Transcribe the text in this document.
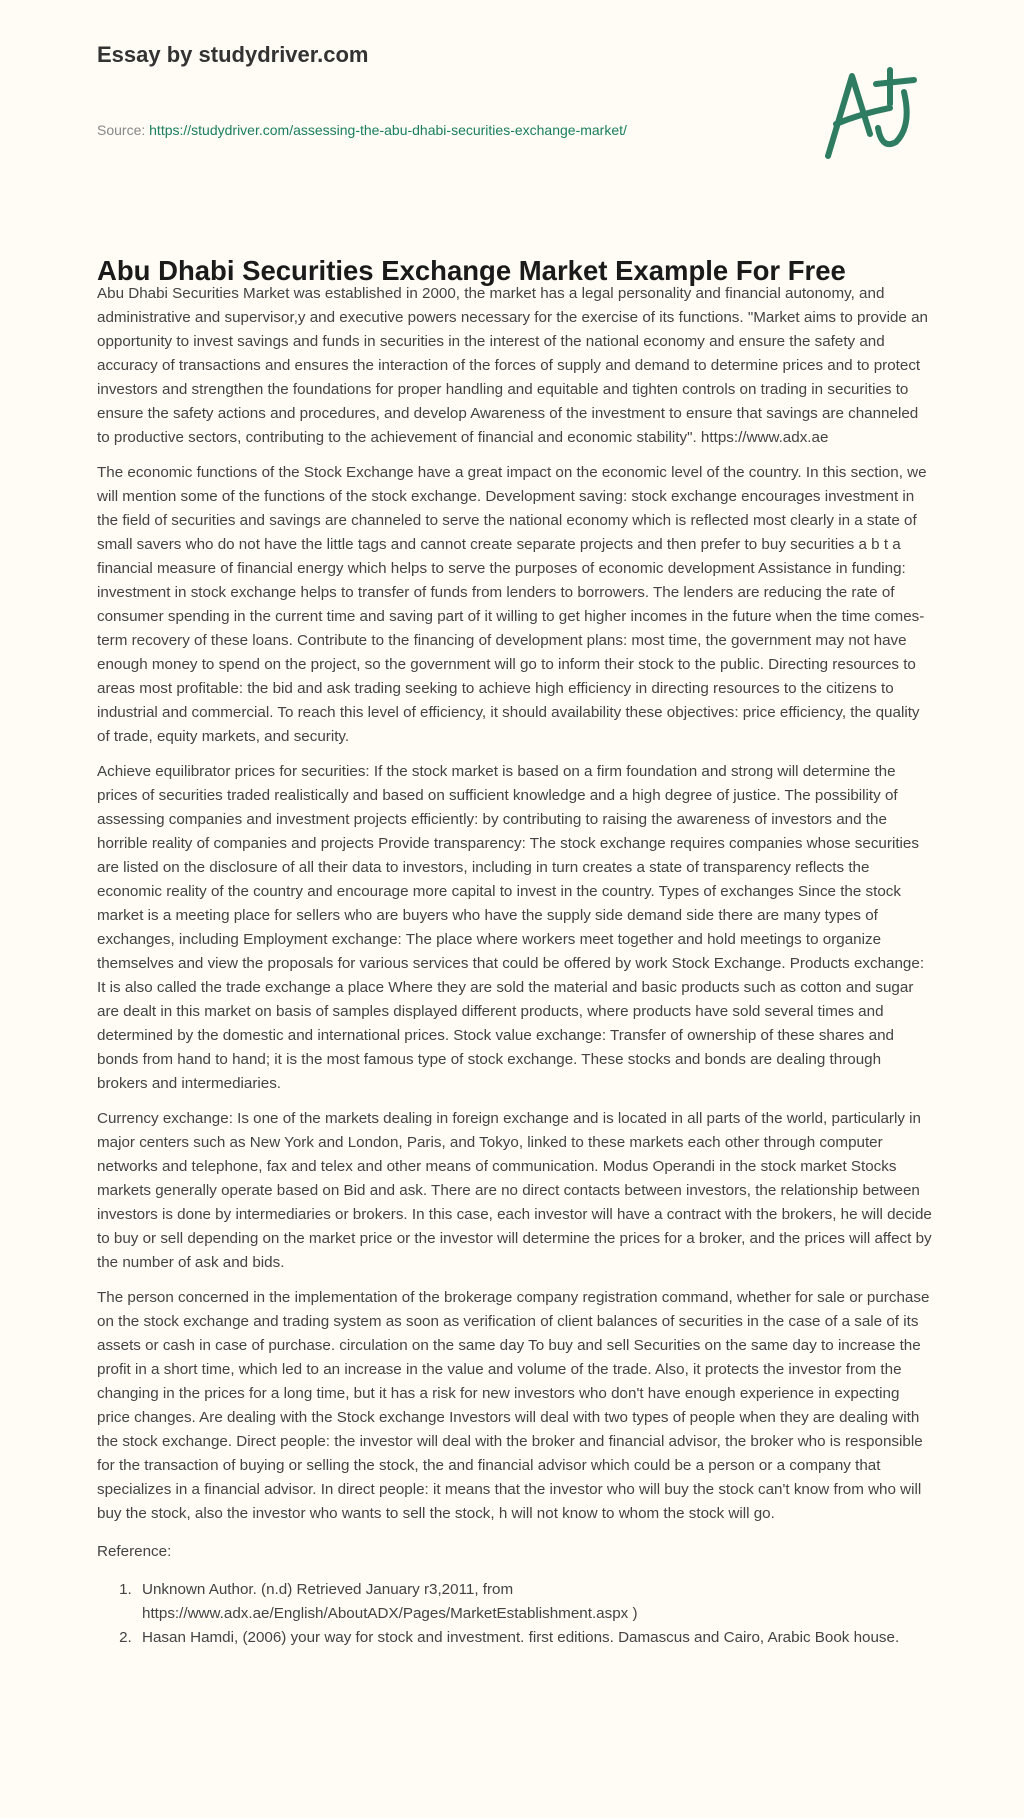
Essay by studydriver.com
Source: https://studydriver.com/assessing-the-abu-dhabi-securities-exchange-market/
Abu Dhabi Securities Exchange Market Example For Free

Abu Dhabi Securities Market was established in 2000, the market has a legal personality and financial autonomy, and administrative and supervisor,y and executive powers necessary for the exercise of its functions. "Market aims to provide an opportunity to invest savings and funds in securities in the interest of the national economy and ensure the safety and accuracy of transactions and ensures the interaction of the forces of supply and demand to determine prices and to protect investors and strengthen the foundations for proper handling and equitable and tighten controls on trading in securities to ensure the safety actions and procedures, and develop Awareness of the investment to ensure that savings are channeled to productive sectors, contributing to the achievement of financial and economic stability". https://www.adx.ae

The economic functions of the Stock Exchange have a great impact on the economic level of the country. In this section, we will mention some of the functions of the stock exchange. Development saving: stock exchange encourages investment in the field of securities and savings are channeled to serve the national economy which is reflected most clearly in a state of small savers who do not have the little tags and cannot create separate projects and then prefer to buy securities a b t a financial measure of financial energy which helps to serve the purposes of economic development Assistance in funding: investment in stock exchange helps to transfer of funds from lenders to borrowers. The lenders are reducing the rate of consumer spending in the current time and saving part of it willing to get higher incomes in the future when the time comes-term recovery of these loans. Contribute to the financing of development plans: most time, the government may not have enough money to spend on the project, so the government will go to inform their stock to the public. Directing resources to areas most profitable: the bid and ask trading seeking to achieve high efficiency in directing resources to the citizens to industrial and commercial. To reach this level of efficiency, it should availability these objectives: price efficiency, the quality of trade, equity markets, and security.

Achieve equilibrator prices for securities: If the stock market is based on a firm foundation and strong will determine the prices of securities traded realistically and based on sufficient knowledge and a high degree of justice. The possibility of assessing companies and investment projects efficiently: by contributing to raising the awareness of investors and the horrible reality of companies and projects Provide transparency: The stock exchange requires companies whose securities are listed on the disclosure of all their data to investors, including in turn creates a state of transparency reflects the economic reality of the country and encourage more capital to invest in the country. Types of exchanges Since the stock market is a meeting place for sellers who are buyers who have the supply side demand side there are many types of exchanges, including Employment exchange: The place where workers meet together and hold meetings to organize themselves and view the proposals for various services that could be offered by work Stock Exchange. Products exchange: It is also called the trade exchange a place Where they are sold the material and basic products such as cotton and sugar are dealt in this market on basis of samples displayed different products, where products have sold several times and determined by the domestic and international prices. Stock value exchange: Transfer of ownership of these shares and bonds from hand to hand; it is the most famous type of stock exchange. These stocks and bonds are dealing through brokers and intermediaries.

Currency exchange: Is one of the markets dealing in foreign exchange and is located in all parts of the world, particularly in major centers such as New York and London, Paris, and Tokyo, linked to these markets each other through computer networks and telephone, fax and telex and other means of communication. Modus Operandi in the stock market Stocks markets generally operate based on Bid and ask. There are no direct contacts between investors, the relationship between investors is done by intermediaries or brokers. In this case, each investor will have a contract with the brokers, he will decide to buy or sell depending on the market price or the investor will determine the prices for a broker, and the prices will affect by the number of ask and bids.

The person concerned in the implementation of the brokerage company registration command, whether for sale or purchase on the stock exchange and trading system as soon as verification of client balances of securities in the case of a sale of its assets or cash in case of purchase. circulation on the same day To buy and sell Securities on the same day to increase the profit in a short time, which led to an increase in the value and volume of the trade. Also, it protects the investor from the changing in the prices for a long time, but it has a risk for new investors who don't have enough experience in expecting price changes. Are dealing with the Stock exchange Investors will deal with two types of people when they are dealing with the stock exchange. Direct people: the investor will deal with the broker and financial advisor, the broker who is responsible for the transaction of buying or selling the stock, the and financial advisor which could be a person or a company that specializes in a financial advisor. In direct people: it means that the investor who will buy the stock can't know from who will buy the stock, also the investor who wants to sell the stock, h will not know to whom the stock will go.

Reference:

1. Unknown Author. (n.d) Retrieved January r3,2011, from https://www.adx.ae/English/AboutADX/Pages/MarketEstablishment.aspx )
2. Hasan Hamdi, (2006) your way for stock and investment. first editions. Damascus and Cairo, Arabic Book house.
